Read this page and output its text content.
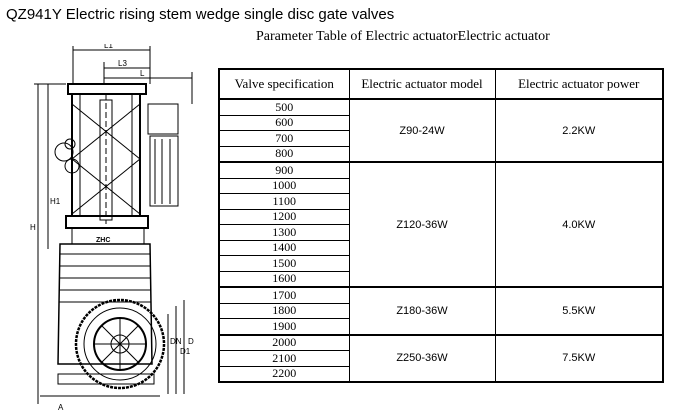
QZ941Y Electric rising stem wedge single disc gate valves
Parameter Table of Electric actuatorElectric actuator
L1
L3
L
H1
H
D
D1
DN
A
ZHC
Valve specification	Electric actuator model	Electric actuator power
500	Z90-24W	2.2KW
600		
700		
800		
900	Z120-36W	4.0KW
1000		
1100		
1200		
1300		
1400		
1500		
1600		
1700	Z180-36W	5.5KW
1800		
1900		
2000	Z250-36W	7.5KW
2100		
2200		
